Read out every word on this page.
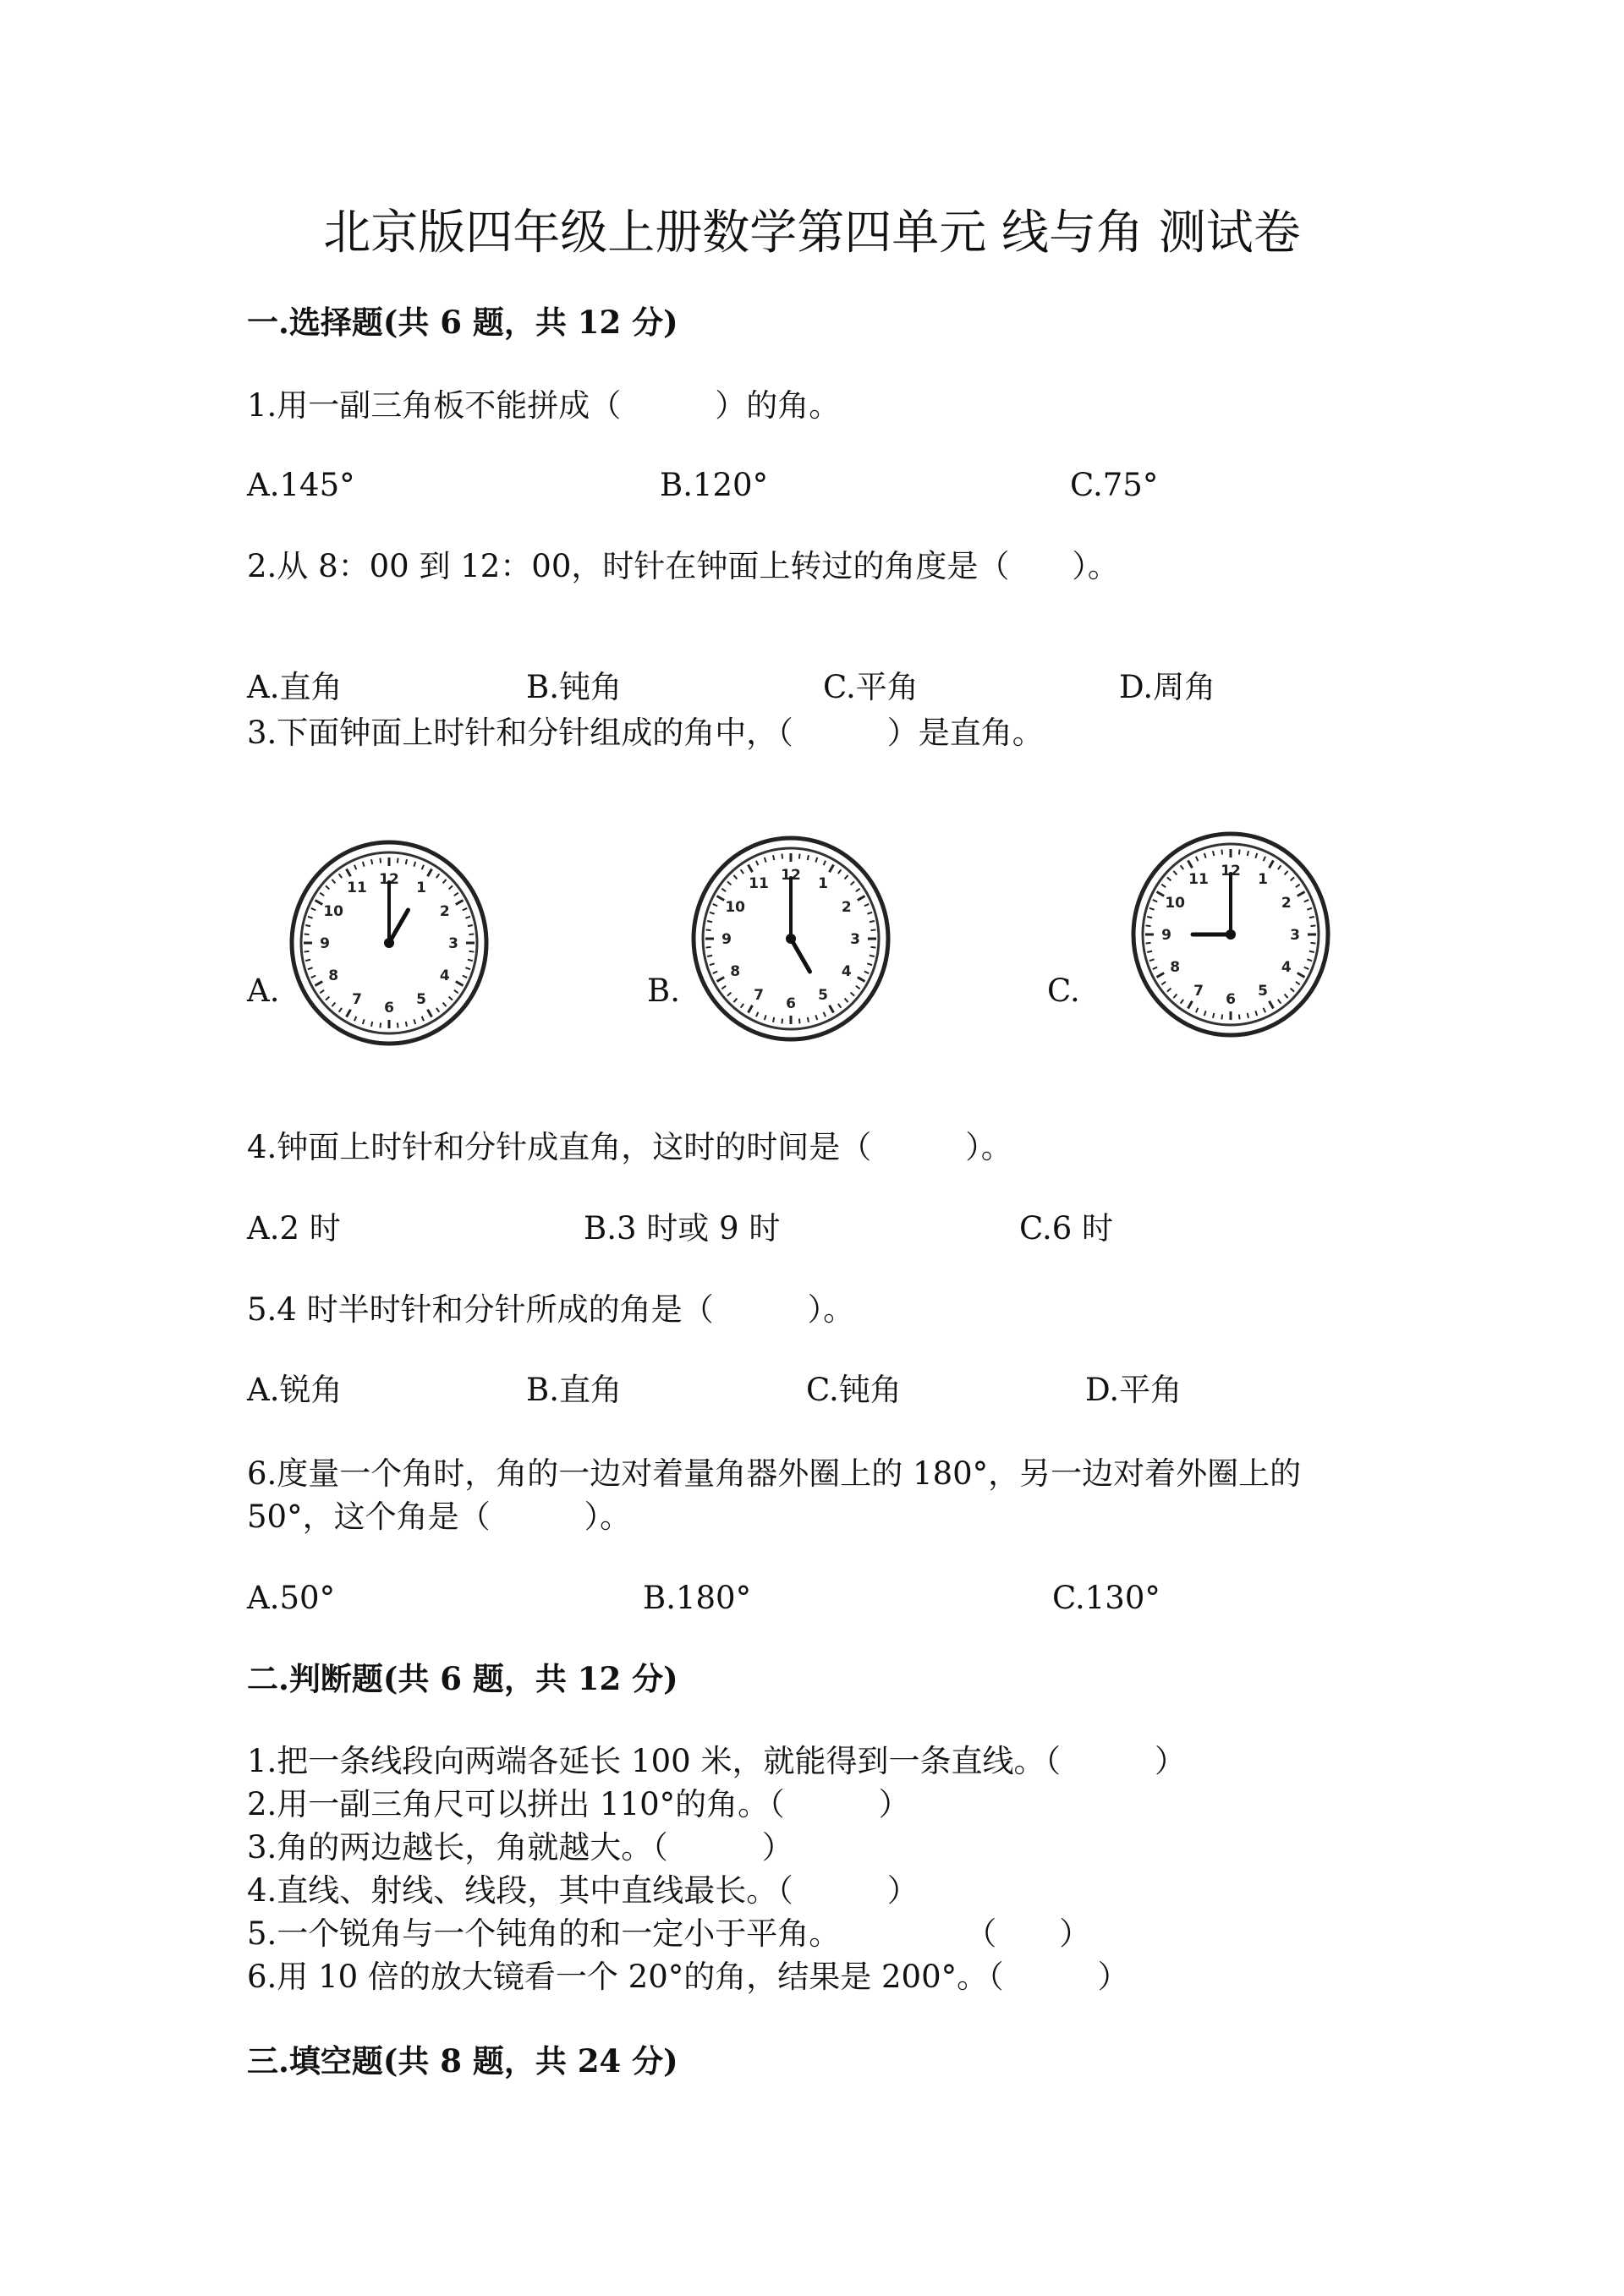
北京版四年级上册数学第四单元 线与角 测试卷
一.选择题(共 6 题，共 12 分)
1.用一副三角板不能拼成（　　　）的角。
A.145°	B.120°	C.75°
2.从 8：00 到 12：00，时针在钟面上转过的角度是（　　）。
A.直角	B.钝角	C.平角	D.周角
3.下面钟面上时针和分针组成的角中，（　　　）是直角。
A.	B.	C.
12
1
2
3
4
5
6
7
8
9
10
11
12
1
2
3
4
5
6
7
8
9
10
11
12
1
2
3
4
5
6
7
8
9
10
11
4.钟面上时针和分针成直角，这时的时间是（　　　）。
A.2 时	B.3 时或 9 时	C.6 时
5.4 时半时针和分针所成的角是（　　　）。
A.锐角	B.直角	C.钝角	D.平角
6.度量一个角时，角的一边对着量角器外圈上的 180°，另一边对着外圈上的
50°，这个角是（　　　）。
A.50°	B.180°	C.130°
二.判断题(共 6 题，共 12 分)
1.把一条线段向两端各延长 100 米，就能得到一条直线。（　　　）
2.用一副三角尺可以拼出 110°的角。（　　　）
3.角的两边越长，角就越大。（　　　）
4.直线、射线、线段，其中直线最长。（　　　）
5.一个锐角与一个钝角的和一定小于平角。　　　　　（　　）
6.用 10 倍的放大镜看一个 20°的角，结果是 200°。（　　　）
三.填空题(共 8 题，共 24 分)
